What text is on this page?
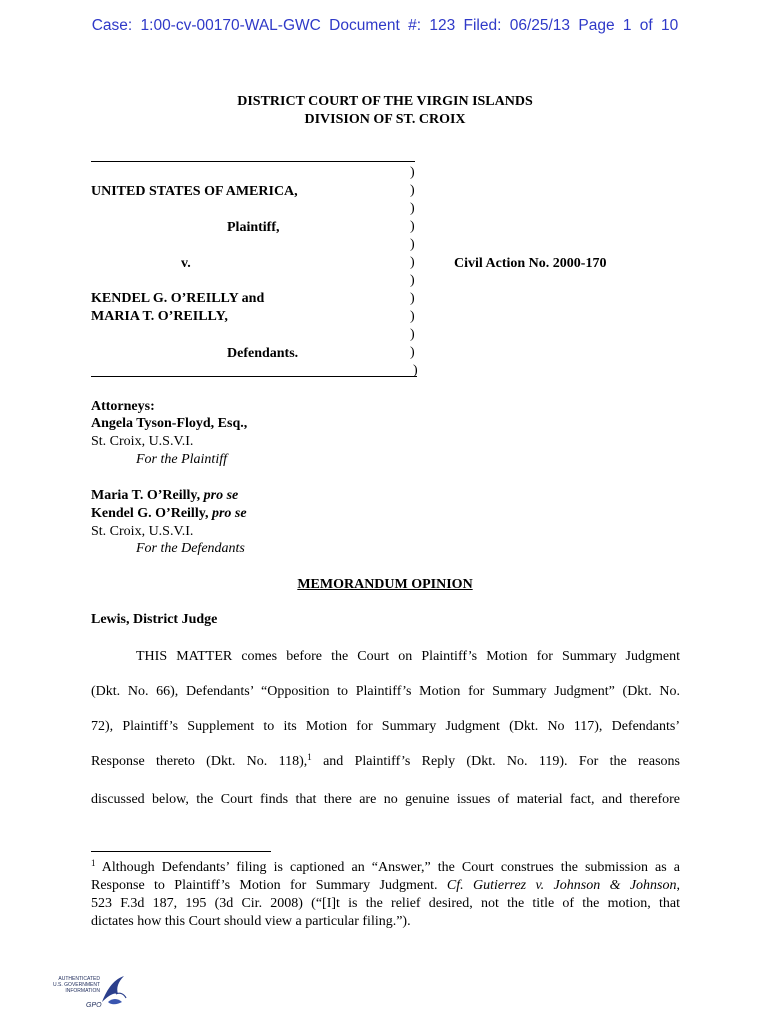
Case: 1:00-cv-00170-WAL-GWC Document #: 123 Filed: 06/25/13 Page 1 of 10
DISTRICT COURT OF THE VIRGIN ISLANDS
DIVISION OF ST. CROIX
)
)
)
)
)
)
)
)
)
)
)
)
UNITED STATES OF AMERICA,
Plaintiff,
v.	Civil Action No. 2000-170
KENDEL G. O’REILLY and
MARIA T. O’REILLY,
Defendants.
Attorneys:
Angela Tyson-Floyd, Esq.,
St. Croix, U.S.V.I.
For the Plaintiff
Maria T. O’Reilly, pro se
Kendel G. O’Reilly, pro se
St. Croix, U.S.V.I.
For the Defendants
MEMORANDUM OPINION
Lewis, District Judge
THIS MATTER comes before the Court on Plaintiff’s Motion for Summary Judgment
(Dkt. No. 66), Defendants’ “Opposition to Plaintiff’s Motion for Summary Judgment” (Dkt. No.
72), Plaintiff’s Supplement to its Motion for Summary Judgment (Dkt. No 117), Defendants’
Response thereto (Dkt. No. 118),$^1$ and Plaintiff’s Reply (Dkt. No. 119). For the reasons
discussed below, the Court finds that there are no genuine issues of material fact, and therefore
$^1$ Although Defendants’ filing is captioned an “Answer,” the Court construes the submission as a
Response to Plaintiff’s Motion for Summary Judgment. Cf. Gutierrez v. Johnson & Johnson,
523 F.3d 187, 195 (3d Cir. 2008) (“[I]t is the relief desired, not the title of the motion, that
dictates how this Court should view a particular filing.”).
AUTHENTICATED
U.S. GOVERNMENT
INFORMATION
GPO
